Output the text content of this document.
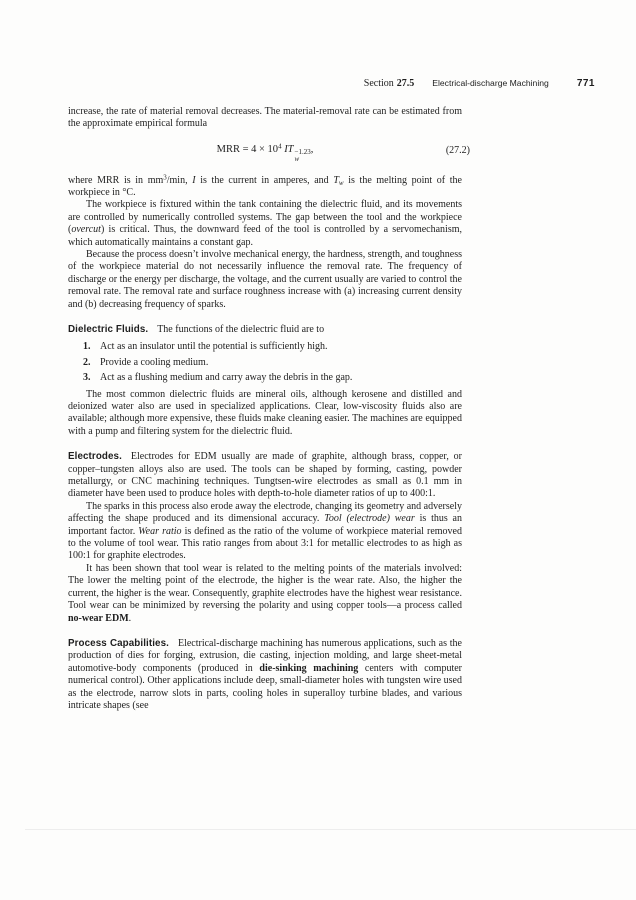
Section 27.5 Electrical-discharge Machining	771

increase, the rate of material removal decreases. The material-removal rate can be estimated from the approximate empirical formula

MRR = $4 \times 10^4$ IT −1.23
w
,	(27.2)

where MRR is in $mm^3/\min$, I is the current in amperes, and $T_w$ is the melting point of the workpiece in °C.

The workpiece is fixtured within the tank containing the dielectric fluid, and its movements are controlled by numerically controlled systems. The gap between the tool and the workpiece (overcut) is critical. Thus, the downward feed of the tool is controlled by a servomechanism, which automatically maintains a constant gap.

Because the process doesn’t involve mechanical energy, the hardness, strength, and toughness of the workpiece material do not necessarily influence the removal rate. The frequency of discharge or the energy per discharge, the voltage, and the current usually are varied to control the removal rate. The removal rate and surface roughness increase with (a) increasing current density and (b) decreasing frequency of sparks.

Dielectric Fluids. The functions of the dielectric fluid are to

1. Act as an insulator until the potential is sufficiently high.
2. Provide a cooling medium.
3. Act as a flushing medium and carry away the debris in the gap.

The most common dielectric fluids are mineral oils, although kerosene and distilled and deionized water also are used in specialized applications. Clear, low-viscosity fluids also are available; although more expensive, these fluids make cleaning easier. The machines are equipped with a pump and filtering system for the dielectric fluid.

Electrodes. Electrodes for EDM usually are made of graphite, although brass, copper, or copper–tungsten alloys also are used. The tools can be shaped by forming, casting, powder metallurgy, or CNC machining techniques. Tungtsen-wire electrodes as small as 0.1 mm in diameter have been used to produce holes with depth-to-hole diameter ratios of up to 400:1.

The sparks in this process also erode away the electrode, changing its geometry and adversely affecting the shape produced and its dimensional accuracy. Tool (electrode) wear is thus an important factor. Wear ratio is defined as the ratio of the volume of workpiece material removed to the volume of tool wear. This ratio ranges from about 3:1 for metallic electrodes to as high as 100:1 for graphite electrodes.

It has been shown that tool wear is related to the melting points of the materials involved: The lower the melting point of the electrode, the higher is the wear rate. Also, the higher the current, the higher is the wear. Consequently, graphite electrodes have the highest wear resistance. Tool wear can be minimized by reversing the polarity and using copper tools—a process called no-wear EDM.

Process Capabilities. Electrical-discharge machining has numerous applications, such as the production of dies for forging, extrusion, die casting, injection molding, and large sheet-metal automotive-body components (produced in die-sinking machining centers with computer numerical control). Other applications include deep, small-diameter holes with tungsten wire used as the electrode, narrow slots in parts, cooling holes in superalloy turbine blades, and various intricate shapes (see
